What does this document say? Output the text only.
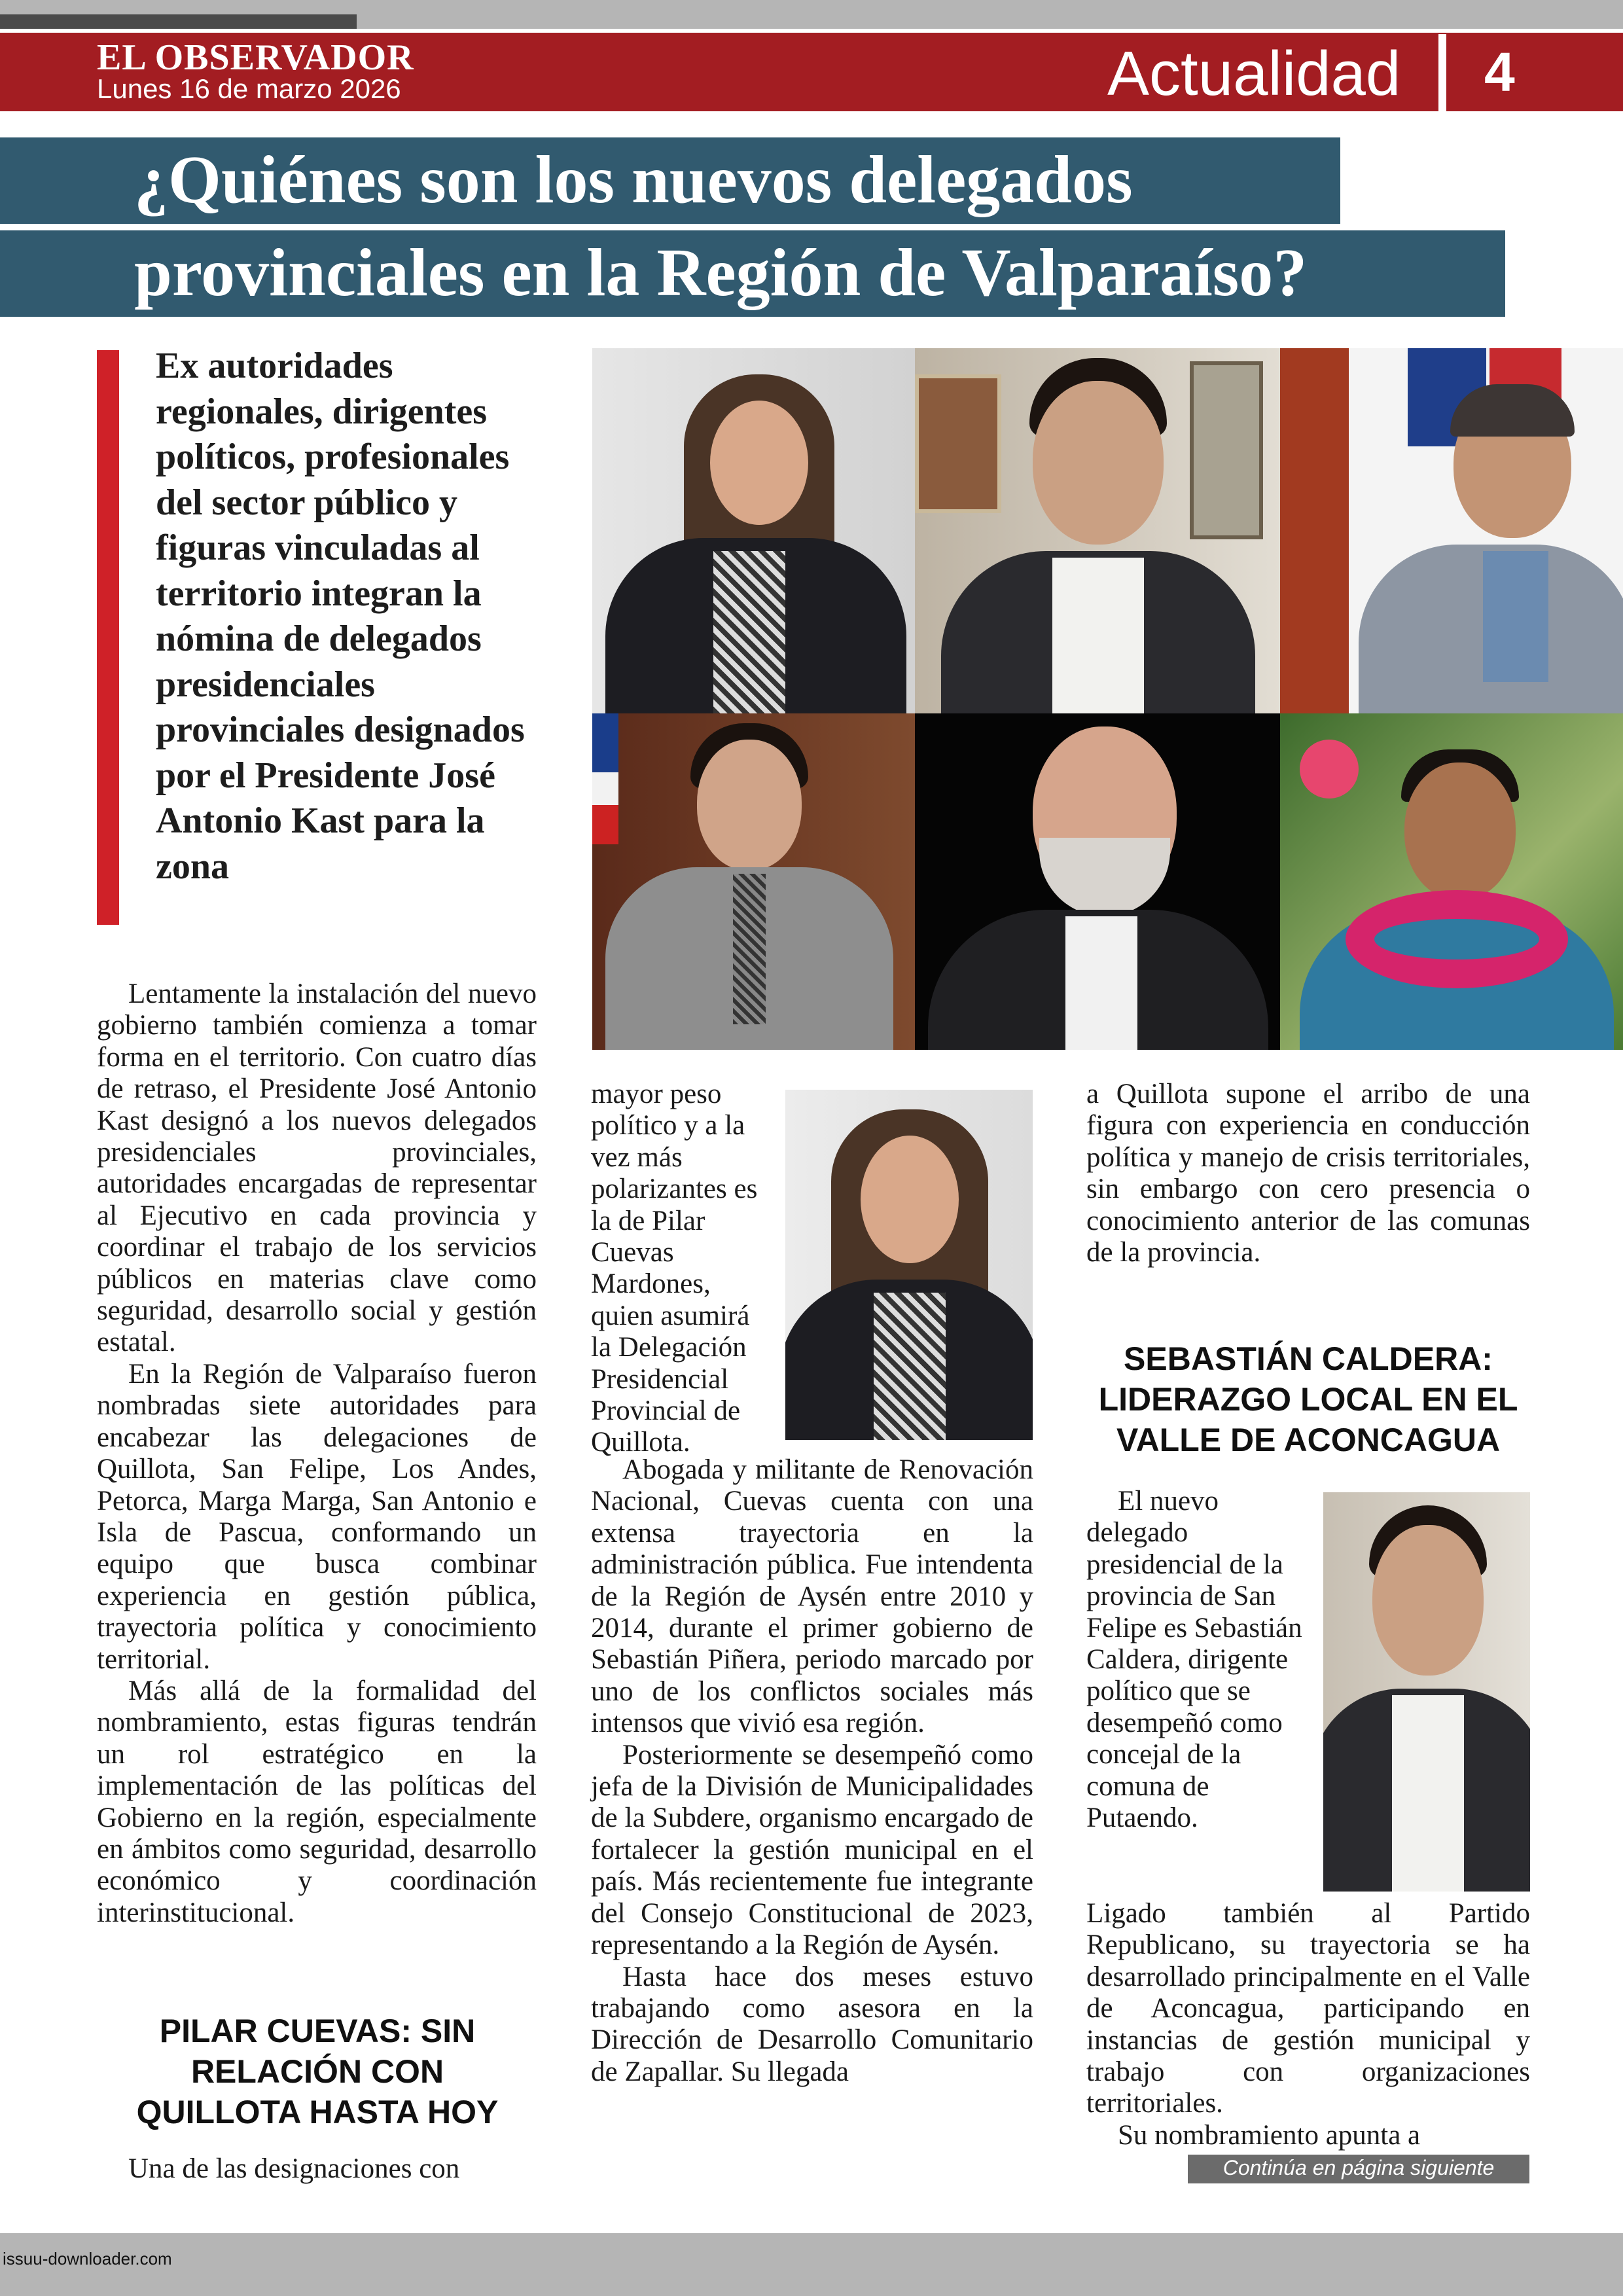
EL OBSERVADOR
Lunes 16 de marzo 2026	Actualidad 4
¿Quiénes son los nuevos delegados
provinciales en la Región de Valparaíso?
Ex autoridades regionales, dirigentes políticos, profesionales del sector público y figuras vinculadas al territorio integran la nómina de delegados presidenciales provinciales designados por el Presidente José Antonio Kast para la zona

Lentamente la instalación del nuevo gobierno también comienza a tomar forma en el territorio. Con cuatro días de retraso, el Presidente José Antonio Kast designó a los nuevos delegados presidenciales provinciales, autoridades encargadas de representar al Ejecutivo en cada provincia y coordinar el trabajo de los servicios públicos en materias clave como seguridad, desarrollo social y gestión estatal.

En la Región de Valparaíso fueron nombradas siete autoridades para encabezar las delegaciones de Quillota, San Felipe, Los Andes, Petorca, Marga Marga, San Antonio e Isla de Pascua, conformando un equipo que busca combinar experiencia en gestión pública, trayectoria política y conocimiento territorial.

Más allá de la formalidad del nombramiento, estas figuras tendrán un rol estratégico en la implementación de las políticas del Gobierno en la región, especialmente en ámbitos como seguridad, desarrollo económico y coordinación interinstitucional.

PILAR CUEVAS: SIN RELACIÓN CON QUILLOTA HASTA HOY

Una de las designaciones con

mayor peso político y a la vez más polarizantes es la de Pilar Cuevas Mardones, quien asumirá la Delegación Presidencial Provincial de Quillota.

Abogada y militante de Renovación Nacional, Cuevas cuenta con una extensa trayectoria en la administración pública. Fue intendenta de la Región de Aysén entre 2010 y 2014, durante el primer gobierno de Sebastián Piñera, periodo marcado por uno de los conflictos sociales más intensos que vivió esa región.

Posteriormente se desempeñó como jefa de la División de Municipalidades de la Subdere, organismo encargado de fortalecer la gestión municipal en el país. Más recientemente fue integrante del Consejo Constitucional de 2023, representando a la Región de Aysén.

Hasta hace dos meses estuvo trabajando como asesora en la Dirección de Desarrollo Comunitario de Zapallar. Su llegada

a Quillota supone el arribo de una figura con experiencia en conducción política y manejo de crisis territoriales, sin embargo con cero presencia o conocimiento anterior de las comunas de la provincia.

SEBASTIÁN CALDERA: LIDERAZGO LOCAL EN EL VALLE DE ACONCAGUA

El nuevo delegado presidencial de la provincia de San Felipe es Sebastián Caldera, dirigente político que se desempeñó como concejal de la comuna de Putaendo.

Ligado también al Partido Republicano, su trayectoria se ha desarrollado principalmente en el Valle de Aconcagua, participando en instancias de gestión municipal y trabajo con organizaciones territoriales.

Su nombramiento apunta a

Continúa en página siguiente
issuu-downloader.com
